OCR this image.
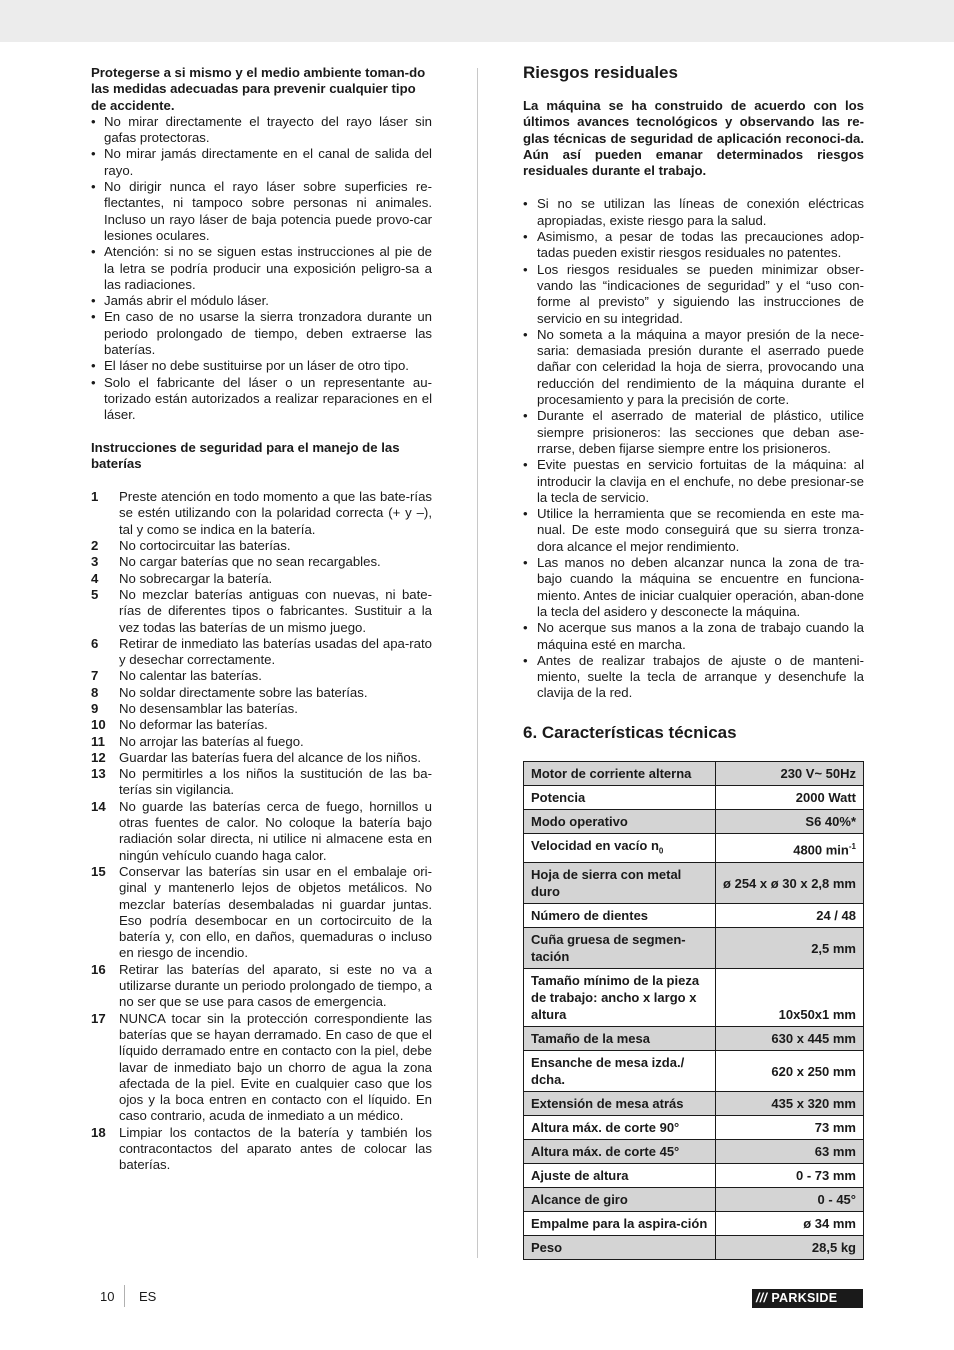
Protegerse a si mismo y el medio ambiente toman-do las medidas adecuadas para prevenir cualquier tipo de accidente.

• No mirar directamente el trayecto del rayo láser sin gafas protectoras.
• No mirar jamás directamente en el canal de salida del rayo.
• No dirigir nunca el rayo láser sobre superficies re-flectantes, ni tampoco sobre personas ni animales. Incluso un rayo láser de baja potencia puede provo-car lesiones oculares.
• Atención: si no se siguen estas instrucciones al pie de la letra se podría producir una exposición peligro-sa a las radiaciones.
• Jamás abrir el módulo láser.
• En caso de no usarse la sierra tronzadora durante un periodo prolongado de tiempo, deben extraerse las baterías.
• El láser no debe sustituirse por un láser de otro tipo.
• Solo el fabricante del láser o un representante au-torizado están autorizados a realizar reparaciones en el láser.

Instrucciones de seguridad para el manejo de las baterías

1 Preste atención en todo momento a que las bate-rías se estén utilizando con la polaridad correcta (+ y –), tal y como se indica en la batería.
2 No cortocircuitar las baterías.
3 No cargar baterías que no sean recargables.
4 No sobrecargar la batería.
5 No mezclar baterías antiguas con nuevas, ni bate-rías de diferentes tipos o fabricantes. Sustituir a la vez todas las baterías de un mismo juego.
6 Retirar de inmediato las baterías usadas del apa-rato y desechar correctamente.
7 No calentar las baterías.
8 No soldar directamente sobre las baterías.
9 No desensamblar las baterías.
10 No deformar las baterías.
11 No arrojar las baterías al fuego.
12 Guardar las baterías fuera del alcance de los niños.
13 No permitirles a los niños la sustitución de las ba-terías sin vigilancia.
14 No guarde las baterías cerca de fuego, hornillos u otras fuentes de calor. No coloque la batería bajo radiación solar directa, ni utilice ni almacene esta en ningún vehículo cuando haga calor.
15 Conservar las baterías sin usar en el embalaje ori-ginal y mantenerlo lejos de objetos metálicos. No mezclar baterías desembaladas ni guardar juntas. Eso podría desembocar en un cortocircuito de la batería y, con ello, en daños, quemaduras o incluso en riesgo de incendio.
16 Retirar las baterías del aparato, si este no va a utilizarse durante un periodo prolongado de tiempo, a no ser que se use para casos de emergencia.
17 NUNCA tocar sin la protección correspondiente las baterías que se hayan derramado. En caso de que el líquido derramado entre en contacto con la piel, debe lavar de inmediato bajo un chorro de agua la zona afectada de la piel. Evite en cualquier caso que los ojos y la boca entren en contacto con el líquido. En caso contrario, acuda de inmediato a un médico.
18 Limpiar los contactos de la batería y también los contracontactos del aparato antes de colocar las baterías.
Riesgos residuales

La máquina se ha construido de acuerdo con los últimos avances tecnológicos y observando las re-glas técnicas de seguridad de aplicación reconoci-da. Aún así pueden emanar determinados riesgos residuales durante el trabajo.

• Si no se utilizan las líneas de conexión eléctricas apropiadas, existe riesgo para la salud.
• Asimismo, a pesar de todas las precauciones adop-tadas pueden existir riesgos residuales no patentes.
• Los riesgos residuales se pueden minimizar obser-vando las “indicaciones de seguridad” y el “uso con-forme al previsto” y siguiendo las instrucciones de servicio en su integridad.
• No someta a la máquina a mayor presión de la nece-saria: demasiada presión durante el aserrado puede dañar con celeridad la hoja de sierra, provocando una reducción del rendimiento de la máquina durante el procesamiento y para la precisión de corte.
• Durante el aserrado de material de plástico, utilice siempre prisioneros: las secciones que deban ase-rrarse, deben fijarse siempre entre los prisioneros.
• Evite puestas en servicio fortuitas de la máquina: al introducir la clavija en el enchufe, no debe presionar-se la tecla de servicio.
• Utilice la herramienta que se recomienda en este ma-nual. De este modo conseguirá que su sierra tronza-dora alcance el mejor rendimiento.
• Las manos no deben alcanzar nunca la zona de tra-bajo cuando la máquina se encuentre en funciona-miento. Antes de iniciar cualquier operación, aban-done la tecla del asidero y desconecte la máquina.
• No acerque sus manos a la zona de trabajo cuando la máquina esté en marcha.
• Antes de realizar trabajos de ajuste o de manteni-miento, suelte la tecla de arranque y desenchufe la clavija de la red.
6. Características técnicas
Motor de corriente alterna	230 V~ 50Hz
Potencia	2000 Watt
Modo operativo	S6 40%*
Velocidad en vacío $n_0$	4800 $\min^{-1}$
Hoja de sierra con metal duro	ø 254 x ø 30 x 2,8 mm
Número de dientes	24 / 48
Cuña gruesa de segmen-tación	2,5 mm
Tamaño mínimo de la pieza de trabajo: ancho x largo x altura	10x50x1 mm
Tamaño de la mesa	630 x 445 mm
Ensanche de mesa izda./ dcha.	620 x 250 mm
Extensión de mesa atrás	435 x 320 mm
Altura máx. de corte 90°	73 mm
Altura máx. de corte 45°	63 mm
Ajuste de altura	0 - 73 mm
Alcance de giro	0 - 45°
Empalme para la aspira-ción	ø 34 mm
Peso	28,5 kg
10 ES	/// PARKSIDE
